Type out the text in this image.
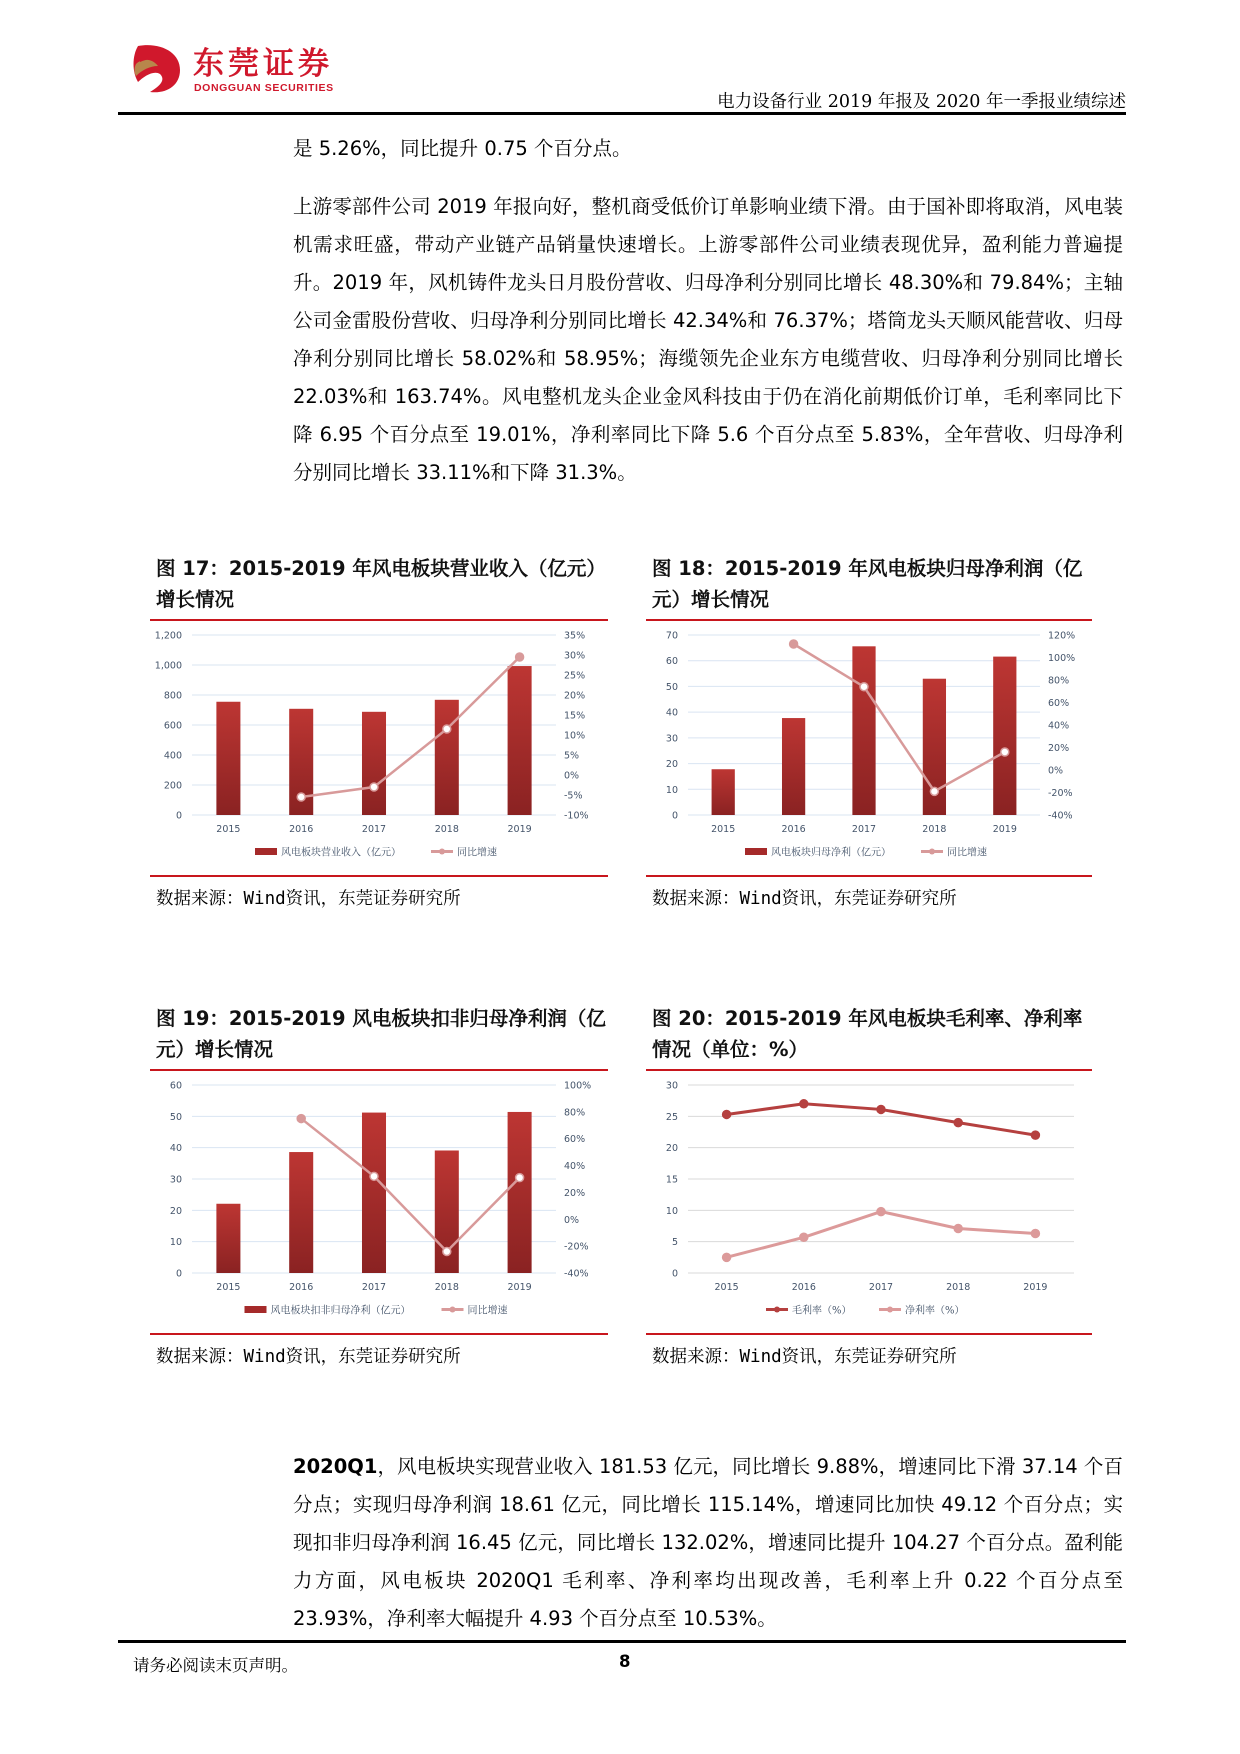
东莞证券
DONGGUAN SECURITIES
电力设备行业 2019 年报及 2020 年一季报业绩综述

是 5.26%，同比提升 0.75 个百分点。

上游零部件公司 2019 年报向好，整机商受低价订单影响业绩下滑。由于国补即将取消，风电装机需求旺盛，带动产业链产品销量快速增长。上游零部件公司业绩表现优异，盈利能力普遍提升。2019 年，风机铸件龙头日月股份营收、归母净利分别同比增长 48.30%和 79.84%；主轴公司金雷股份营收、归母净利分别同比增长 42.34%和 76.37%；塔筒龙头天顺风能营收、归母净利分别同比增长 58.02%和 58.95%；海缆领先企业东方电缆营收、归母净利分别同比增长 22.03%和 163.74%。风电整机龙头企业金风科技由于仍在消化前期低价订单，毛利率同比下降 6.95 个百分点至 19.01%，净利率同比下降 5.6 个百分点至 5.83%，全年营收、归母净利分别同比增长 33.11%和下降 31.3%。

图 17：2015-2019 年风电板块营业收入（亿元）增长情况
0
200
400
600
800
1,000
1,200
-10%
-5%
0%
5%
10%
15%
20%
25%
30%
35%
2015	2016	2017	2018	2019
风电板块营业收入（亿元）	同比增速
数据来源：Wind资讯，东莞证券研究所
图 18：2015-2019 年风电板块归母净利润（亿元）增长情况
0
10
20
30
40
50
60
70
-40%
-20%
0%
20%
40%
60%
80%
100%
120%
2015	2016	2017	2018	2019
风电板块归母净利（亿元）	同比增速
数据来源：Wind资讯，东莞证券研究所
图 19：2015-2019 风电板块扣非归母净利润（亿元）增长情况
0
10
20
30
40
50
60
-40%
-20%
0%
20%
40%
60%
80%
100%
2015	2016	2017	2018	2019
风电板块扣非归母净利（亿元）	同比增速
数据来源：Wind资讯，东莞证券研究所
图 20：2015-2019 年风电板块毛利率、净利率情况（单位：%）
0
5
10
15
20
25
30
2015	2016	2017	2018	2019
毛利率（%）	净利率（%）
数据来源：Wind资讯，东莞证券研究所

2020Q1，风电板块实现营业收入 181.53 亿元，同比增长 9.88%，增速同比下滑 37.14 个百分点；实现归母净利润 18.61 亿元，同比增长 115.14%，增速同比加快 49.12 个百分点；实现扣非归母净利润 16.45 亿元，同比增长 132.02%，增速同比提升 104.27 个百分点。盈利能力方面，风电板块 2020Q1 毛利率、净利率均出现改善，毛利率上升 0.22 个百分点至 23.93%，净利率大幅提升 4.93 个百分点至 10.53%。

请务必阅读末页声明。	8
